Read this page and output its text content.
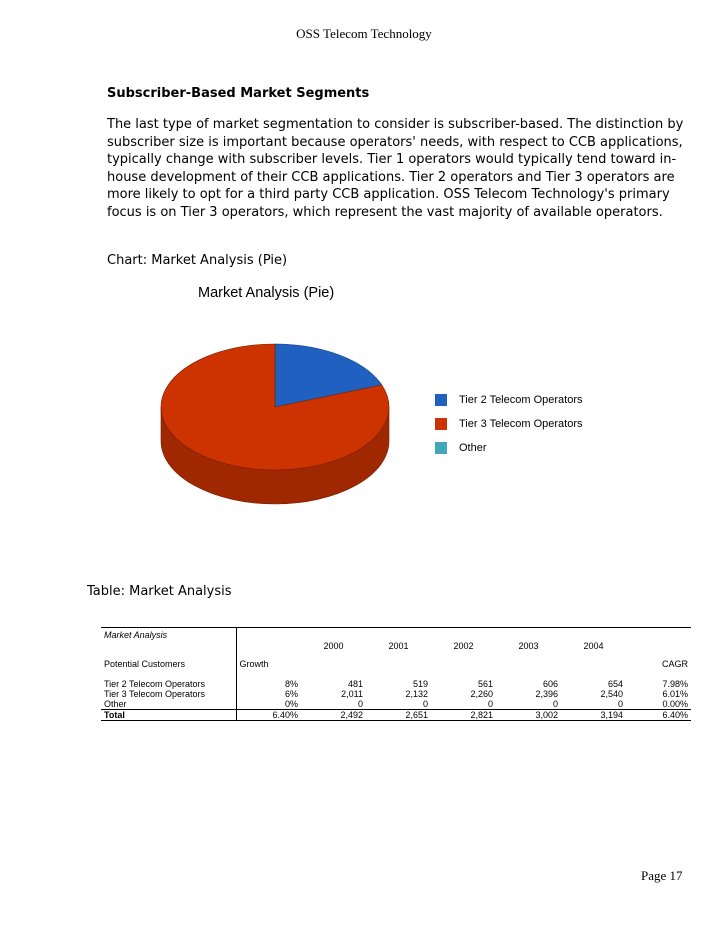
OSS Telecom Technology
Subscriber-Based Market Segments
The last type of market segmentation to consider is subscriber-based. The distinction by subscriber size is important because operators' needs, with respect to CCB applications, typically change with subscriber levels. Tier 1 operators would typically tend toward in-house development of their CCB applications. Tier 2 operators and Tier 3 operators are more likely to opt for a third party CCB application. OSS Telecom Technology's primary focus is on Tier 3 operators, which represent the vast majority of available operators.
Chart: Market Analysis (Pie)
Market Analysis (Pie)
Tier 2 Telecom Operators
Tier 3 Telecom Operators
Other
Table: Market Analysis
Market Analysis							
		2000	2001	2002	2003	2004	
Potential Customers	Growth						CAGR

Tier 2 Telecom Operators	8%	481	519	561	606	654	7.98%
Tier 3 Telecom Operators	6%	2,011	2,132	2,260	2,396	2,540	6.01%
Other	0%	0	0	0	0	0	0.00%
Total	6.40%	2,492	2,651	2,821	3,002	3,194	6.40%
Page 17
